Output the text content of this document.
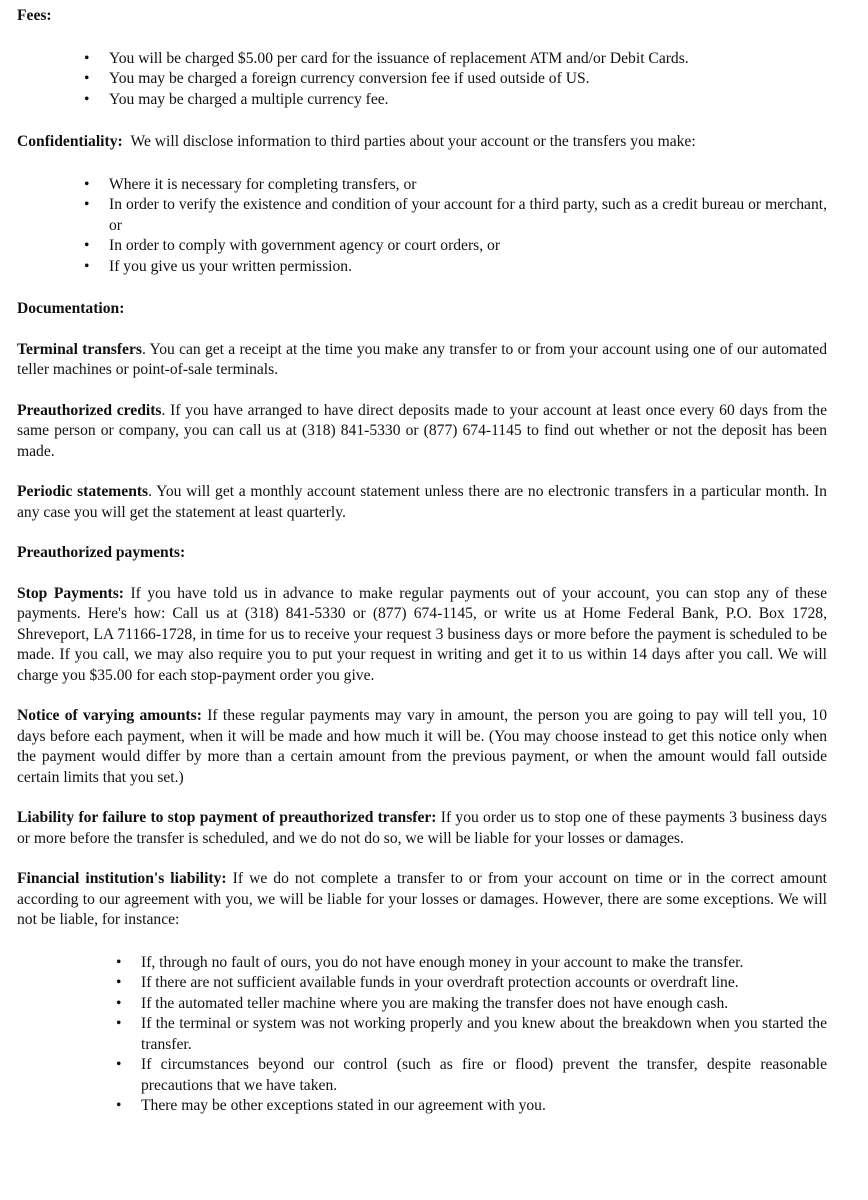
Fees:

• You will be charged $5.00 per card for the issuance of replacement ATM and/or Debit Cards.
• You may be charged a foreign currency conversion fee if used outside of US.
• You may be charged a multiple currency fee.

Confidentiality: We will disclose information to third parties about your account or the transfers you make:

• Where it is necessary for completing transfers, or
• In order to verify the existence and condition of your account for a third party, such as a credit bureau or merchant, or
• In order to comply with government agency or court orders, or
• If you give us your written permission.

Documentation:

Terminal transfers. You can get a receipt at the time you make any transfer to or from your account using one of our automated teller machines or point-of-sale terminals.

Preauthorized credits. If you have arranged to have direct deposits made to your account at least once every 60 days from the same person or company, you can call us at (318) 841-5330 or (877) 674-1145 to find out whether or not the deposit has been made.

Periodic statements. You will get a monthly account statement unless there are no electronic transfers in a particular month. In any case you will get the statement at least quarterly.

Preauthorized payments:

Stop Payments: If you have told us in advance to make regular payments out of your account, you can stop any of these payments. Here's how: Call us at (318) 841-5330 or (877) 674-1145, or write us at Home Federal Bank, P.O. Box 1728, Shreveport, LA 71166-1728, in time for us to receive your request 3 business days or more before the payment is scheduled to be made. If you call, we may also require you to put your request in writing and get it to us within 14 days after you call. We will charge you $35.00 for each stop-payment order you give.

Notice of varying amounts: If these regular payments may vary in amount, the person you are going to pay will tell you, 10 days before each payment, when it will be made and how much it will be. (You may choose instead to get this notice only when the payment would differ by more than a certain amount from the previous payment, or when the amount would fall outside certain limits that you set.)

Liability for failure to stop payment of preauthorized transfer: If you order us to stop one of these payments 3 business days or more before the transfer is scheduled, and we do not do so, we will be liable for your losses or damages.

Financial institution's liability: If we do not complete a transfer to or from your account on time or in the correct amount according to our agreement with you, we will be liable for your losses or damages. However, there are some exceptions. We will not be liable, for instance:

• If, through no fault of ours, you do not have enough money in your account to make the transfer.
• If there are not sufficient available funds in your overdraft protection accounts or overdraft line.
• If the automated teller machine where you are making the transfer does not have enough cash.
• If the terminal or system was not working properly and you knew about the breakdown when you started the transfer.
• If circumstances beyond our control (such as fire or flood) prevent the transfer, despite reasonable precautions that we have taken.
• There may be other exceptions stated in our agreement with you.
